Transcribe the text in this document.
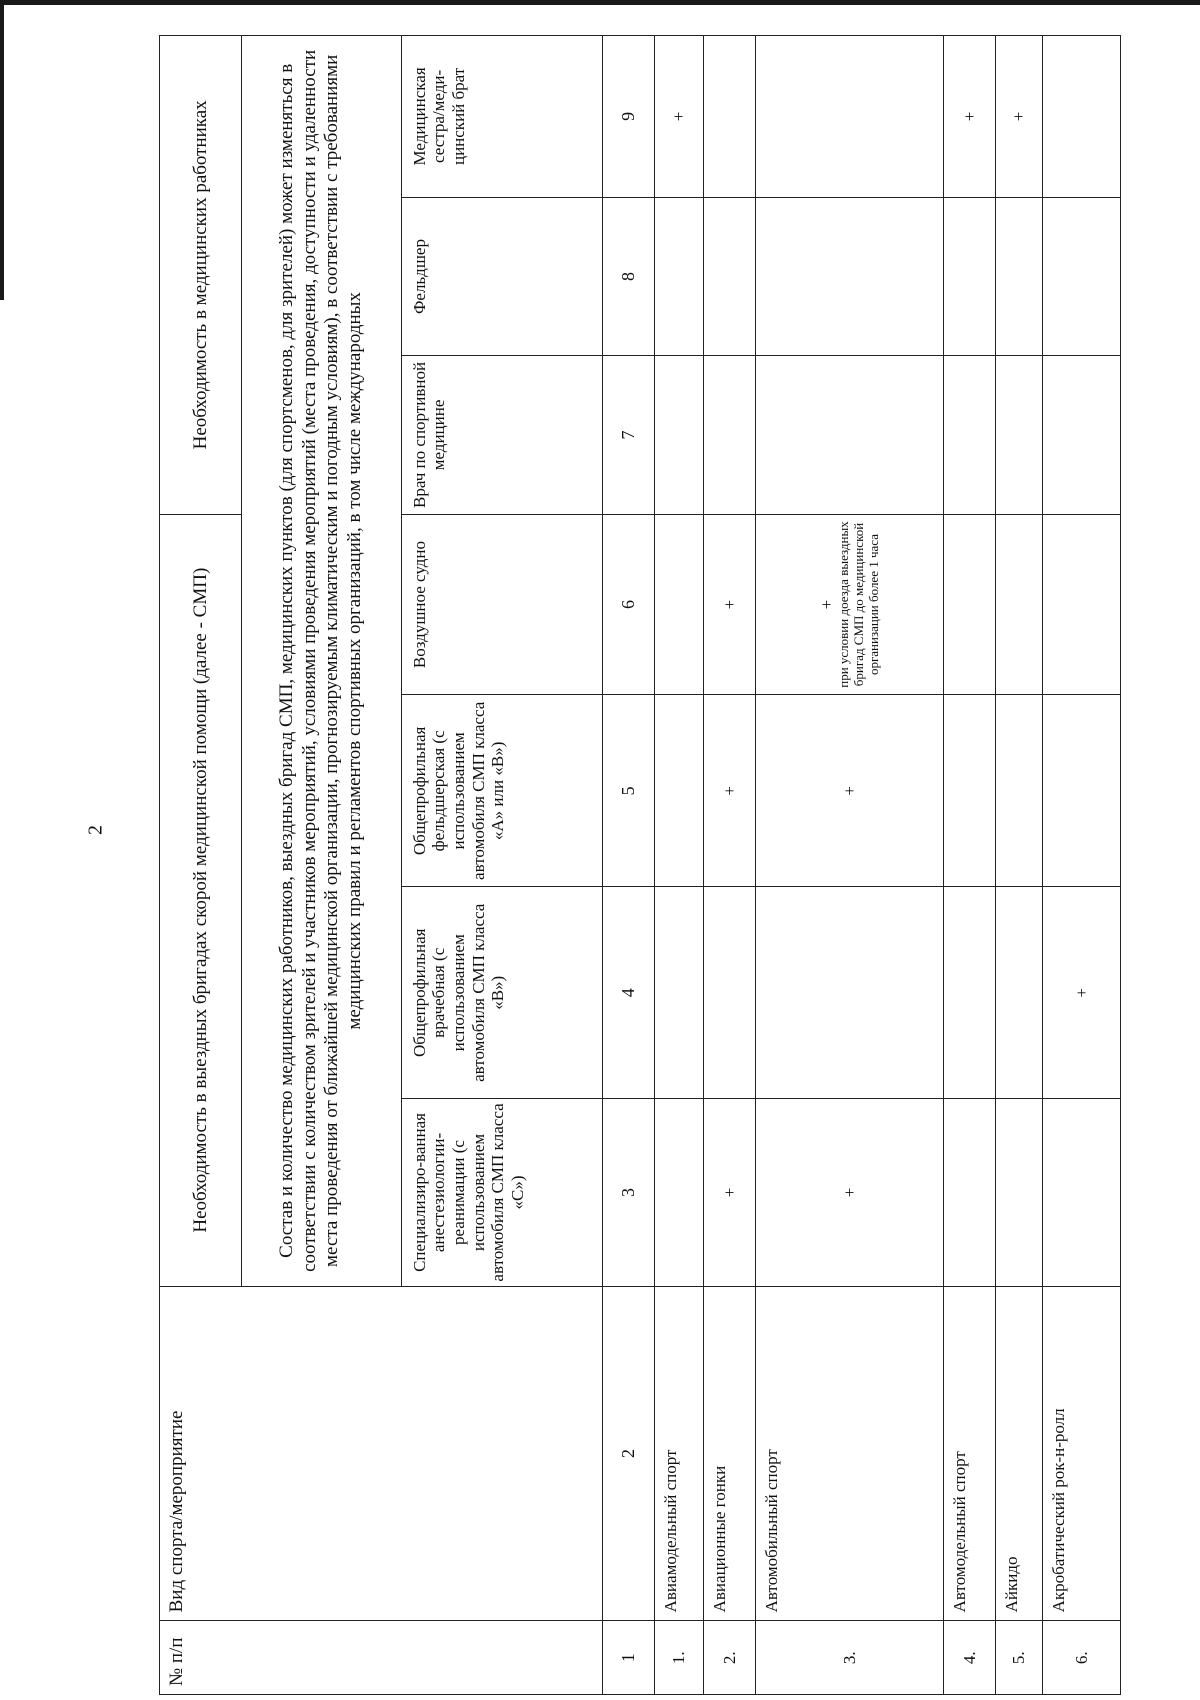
2
№ п/п	Вид спорта/мероприятие	Необходимость в выездных бригадах скорой медицинской помощи (далее - СМП)				Необходимость в медицинских работниках		
		Состав и количество медицинских работников, выездных бригад СМП, медицинских пунктов (для спортсменов, для зрителей) может изменяться в соответствии с количеством зрителей и участников мероприятий, условиями проведения мероприятий (места проведения, доступности и удаленности места проведения от ближайшей медицинской организации, прогнозируемым климатическим и погодным условиям), в соответствии с требованиями медицинских правил и регламентов спортивных организаций, в том числе международных						
		Специализиро-ванная анестезиологии-реанимации (с использованием автомобиля СМП класса «С»)	Общепрофильная врачебная (с использованием автомобиля СМП класса «В»)	Общепрофильная фельдшерская (с использованием автомобиля СМП класса «А» или «В»)	Воздушное судно	Врач по спортивной медицине	Фельдшер	Медицинская сестра/меди-цинский брат
1	2	3	4	5	6	7	8	9
1.	Авиамодельный спорт							+
2.	Авиационные гонки	+		+	+			
3.	Автомобильный спорт	+		+	+ при условии доезда выездных бригад СМП до медицинской организации более 1 часа			

4.	Автомодельный спорт							+
5.	Айкидо							+
6.	Акробатический рок-н-ролл		+					
